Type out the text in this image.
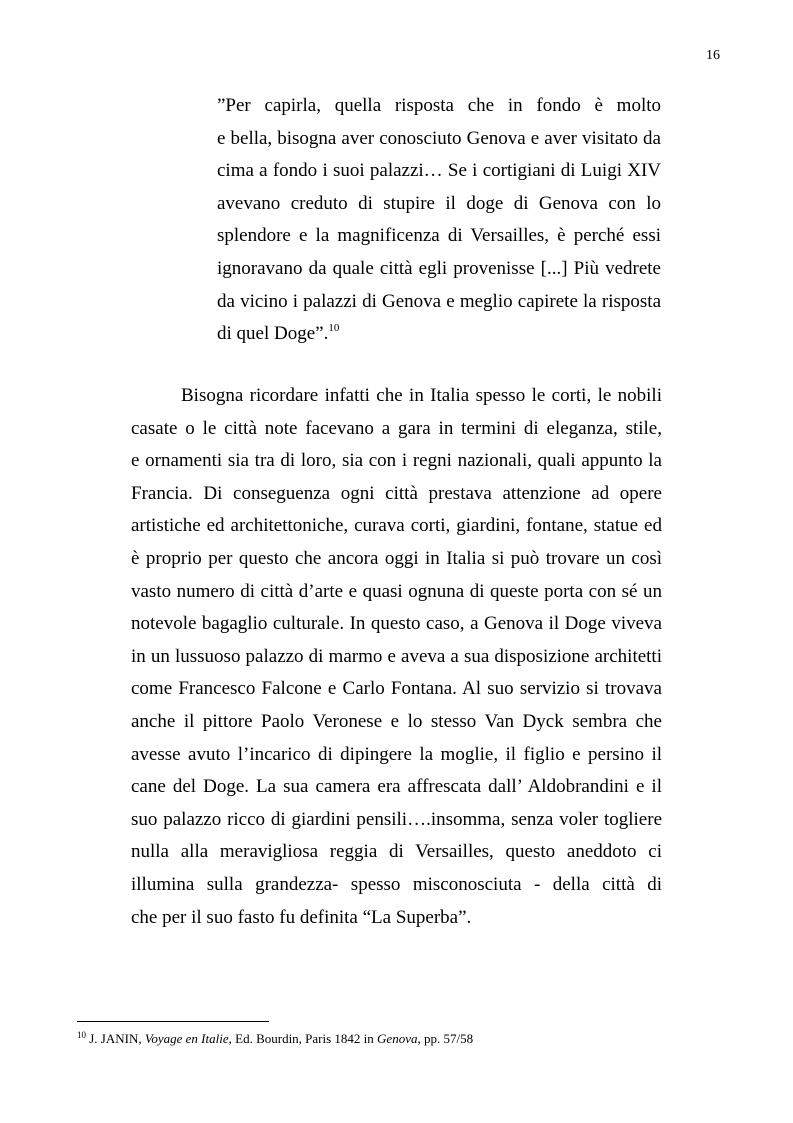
16
”Per capirla, quella risposta che in fondo è molto
e bella, bisogna aver conosciuto Genova e aver visitato da
cima a fondo i suoi palazzi… Se i cortigiani di Luigi XIV
avevano creduto di stupire il doge di Genova con lo
splendore e la magnificenza di Versailles, è perché essi
ignoravano da quale città egli provenisse [...] Più vedrete
da vicino i palazzi di Genova e meglio capirete la risposta
di quel Doge”.$^{10}$
Bisogna ricordare infatti che in Italia spesso le corti, le nobili
casate o le città note facevano a gara in termini di eleganza, stile,
e ornamenti sia tra di loro, sia con i regni nazionali, quali appunto la
Francia. Di conseguenza ogni città prestava attenzione ad opere
artistiche ed architettoniche, curava corti, giardini, fontane, statue ed
è proprio per questo che ancora oggi in Italia si può trovare un così
vasto numero di città d’arte e quasi ognuna di queste porta con sé un
notevole bagaglio culturale. In questo caso, a Genova il Doge viveva
in un lussuoso palazzo di marmo e aveva a sua disposizione architetti
come Francesco Falcone e Carlo Fontana. Al suo servizio si trovava
anche il pittore Paolo Veronese e lo stesso Van Dyck sembra che
avesse avuto l’incarico di dipingere la moglie, il figlio e persino il
cane del Doge. La sua camera era affrescata dall’ Aldobrandini e il
suo palazzo ricco di giardini pensili….insomma, senza voler togliere
nulla alla meravigliosa reggia di Versailles, questo aneddoto ci
illumina sulla grandezza- spesso misconosciuta - della città di
che per il suo fasto fu definita “La Superba”.
$^{10}$ J. JANIN, Voyage en Italie, Ed. Bourdin, Paris 1842 in Genova, pp. 57/58
